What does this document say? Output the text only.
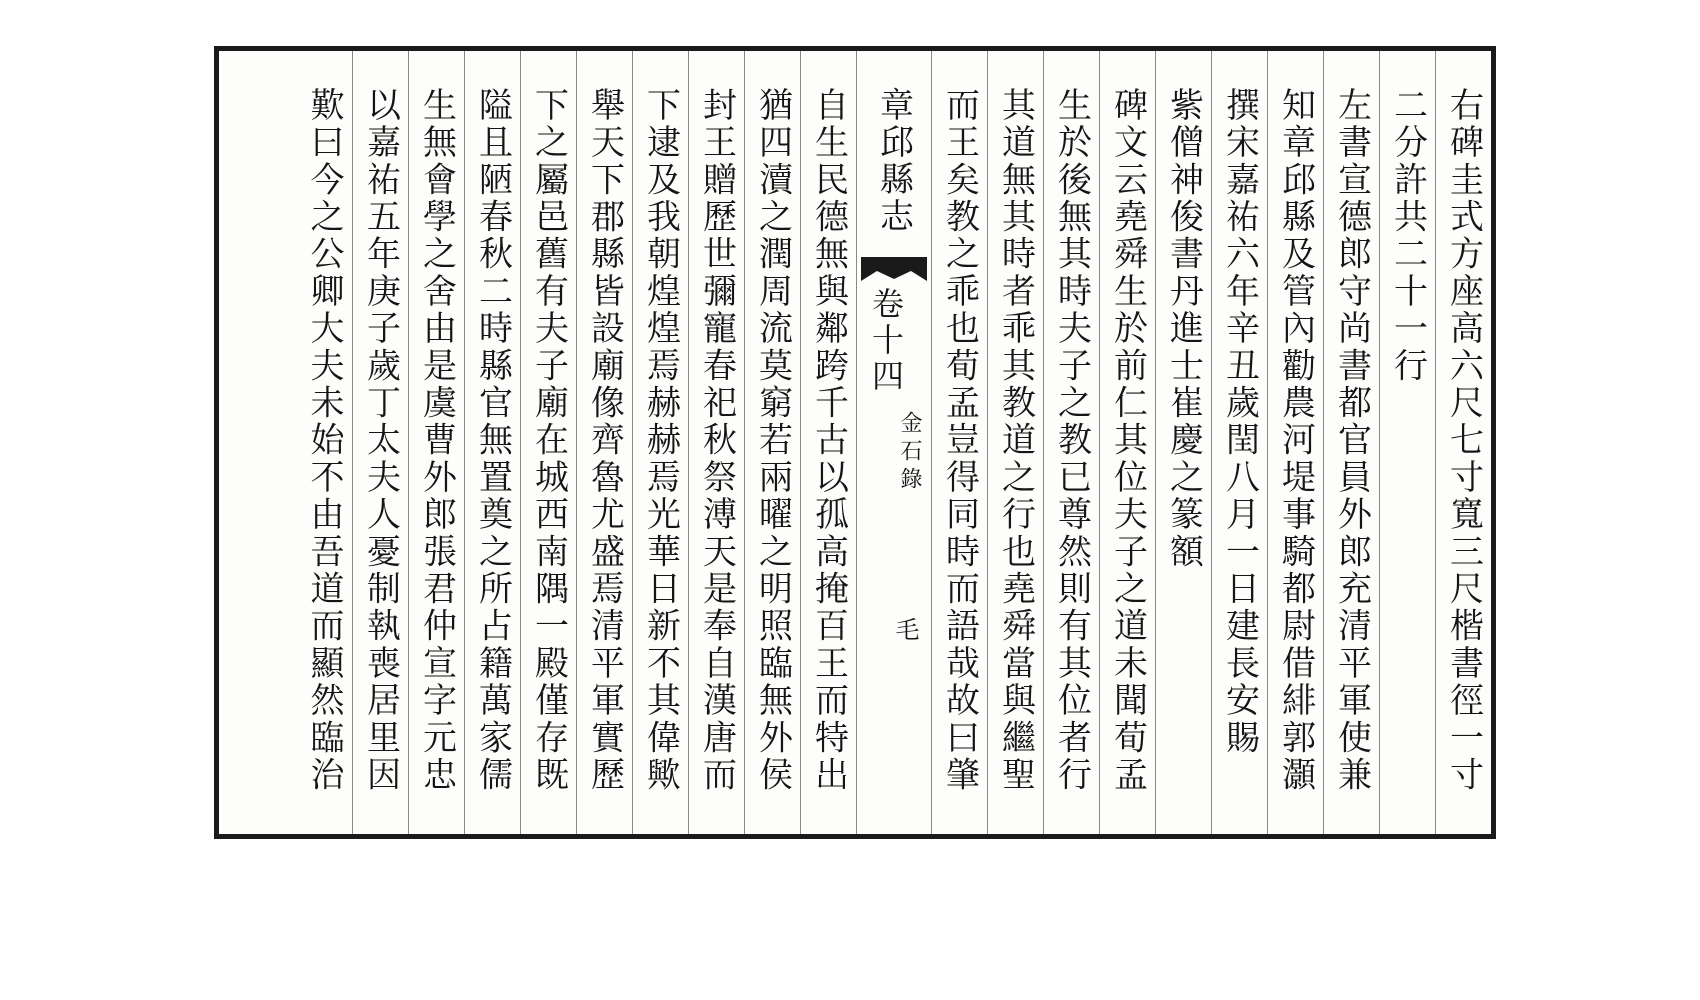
右碑圭式方座高六尺七寸寬三尺楷書徑一寸
二分許共二十一行
左書宣德郎守尚書都官員外郎充清平軍使兼
知章邱縣及管內勸農河堤事騎都尉借緋郭灝
撰宋嘉祐六年辛丑歲閏八月一日建長安賜
紫僧神俊書丹進士崔慶之篆額
碑文云堯舜生於前仁其位夫子之道未聞荀孟
生於後無其時夫子之教已尊然則有其位者行
其道無其時者乖其教道之行也堯舜當與繼聖
而王矣教之乖也荀孟豈得同時而語哉故曰肇
章邱縣志
卷十四
金石錄
毛
自生民德無與鄰跨千古以孤高掩百王而特出
猶四瀆之潤周流莫窮若兩曜之明照臨無外侯
封王贈歷世彌寵春祀秋祭溥天是奉自漢唐而
下逮及我朝煌煌焉赫赫焉光華日新不其偉歟
舉天下郡縣皆設廟像齊魯尤盛焉清平軍實歷
下之屬邑舊有夫子廟在城西南隅一殿僅存既
隘且陋春秋二時縣官無置奠之所占籍萬家儒
生無會學之舍由是虞曹外郎張君仲宣字元忠
以嘉祐五年庚子歲丁太夫人憂制執喪居里因
歎曰今之公卿大夫未始不由吾道而顯然臨治
